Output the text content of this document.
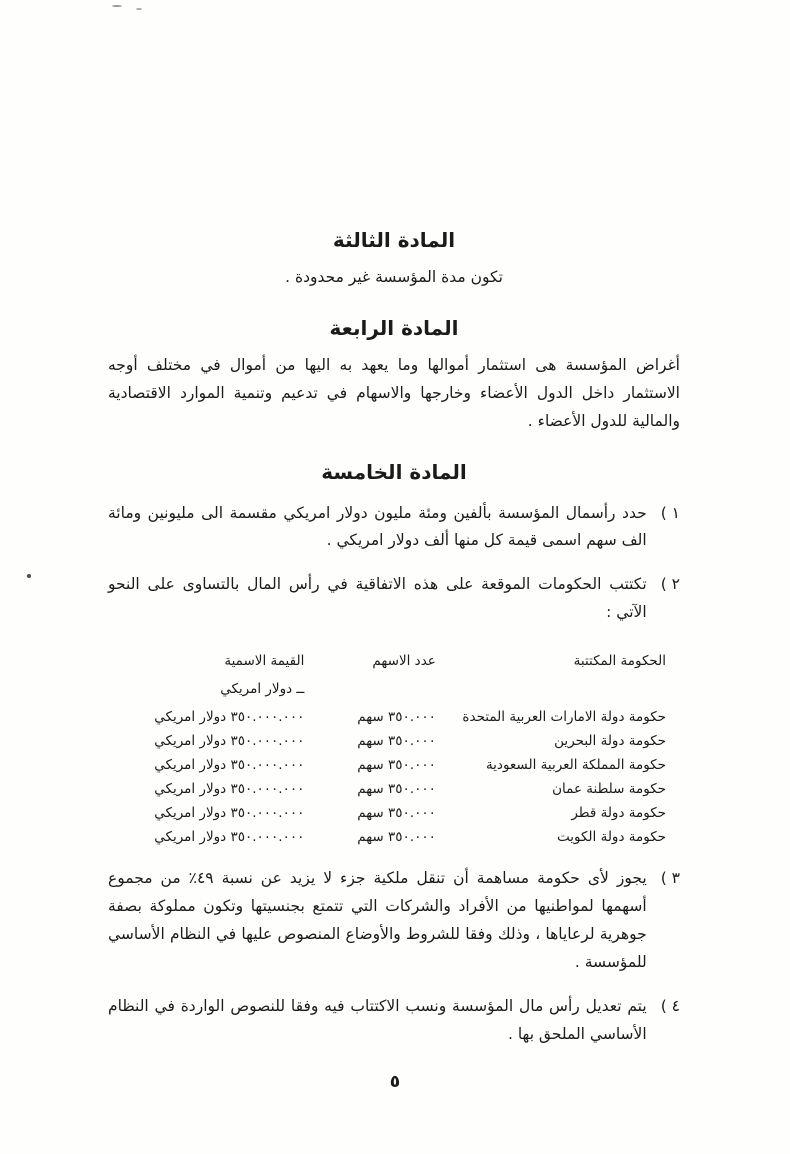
المادة الثالثة

تكون مدة المؤسسة غير محدودة .

المادة الرابعة

أغراض المؤسسة هى استثمار أموالها وما يعهد به اليها من أموال في مختلف أوجه الاستثمار داخل الدول الأعضاء وخارجها والاسهام في تدعيم وتنمية الموارد الاقتصادية والمالية للدول الأعضاء .

المادة الخامسة
١ )

حدد رأسمال المؤسسة بألفين ومئة مليون دولار امريكي مقسمة الى مليونين ومائة الف سهم اسمى قيمة كل منها ألف دولار امريكي .

٢ )

تكتتب الحكومات الموقعة على هذه الاتفاقية في رأس المال بالتساوى على النحو الآتي :

الحكومة المكتتبة	عدد الاسهم	القيمة الاسمية
		ــ دولار امريكي
حكومة دولة الامارات العربية المتحدة	٣٥٠.٠٠٠ سهم	٣٥٠.٠٠٠.٠٠٠ دولار امريكي
حكومة دولة البحرين	٣٥٠.٠٠٠ سهم	٣٥٠.٠٠٠.٠٠٠ دولار امريكي
حكومة المملكة العربية السعودية	٣٥٠.٠٠٠ سهم	٣٥٠.٠٠٠.٠٠٠ دولار امريكي
حكومة سلطنة عمان	٣٥٠.٠٠٠ سهم	٣٥٠.٠٠٠.٠٠٠ دولار امريكي
حكومة دولة قطر	٣٥٠.٠٠٠ سهم	٣٥٠.٠٠٠.٠٠٠ دولار امريكي
حكومة دولة الكويت	٣٥٠.٠٠٠ سهم	٣٥٠.٠٠٠.٠٠٠ دولار امريكي
٣ )

يجوز لأى حكومة مساهمة أن تنقل ملكية جزء لا يزيد عن نسبة ٤٩٪ من مجموع أسهمها لمواطنيها من الأفراد والشركات التي تتمتع بجنسيتها وتكون مملوكة بصفة جوهرية لرعاياها ، وذلك وفقا للشروط والأوضاع المنصوص عليها في النظام الأساسي للمؤسسة .

٤ )

يتم تعديل رأس مال المؤسسة ونسب الاكتتاب فيه وفقا للنصوص الواردة في النظام الأساسي الملحق بها .

٥
